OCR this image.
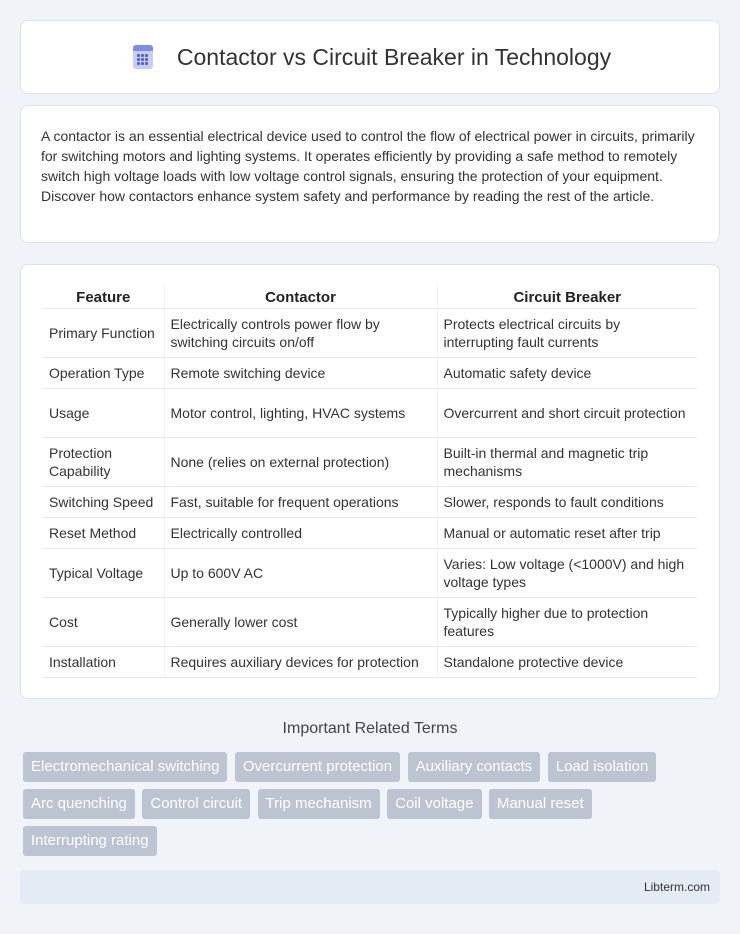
Contactor vs Circuit Breaker in Technology

A contactor is an essential electrical device used to control the flow of electrical power in circuits, primarily for switching motors and lighting systems. It operates efficiently by providing a safe method to remotely switch high voltage loads with low voltage control signals, ensuring the protection of your equipment. Discover how contactors enhance system safety and performance by reading the rest of the article.

Feature	Contactor	Circuit Breaker
Primary Function	Electrically controls power flow by switching circuits on/off	Protects electrical circuits by interrupting fault currents
Operation Type	Remote switching device	Automatic safety device
Usage	Motor control, lighting, HVAC systems	Overcurrent and short circuit protection
Protection Capability	None (relies on external protection)	Built-in thermal and magnetic trip mechanisms
Switching Speed	Fast, suitable for frequent operations	Slower, responds to fault conditions
Reset Method	Electrically controlled	Manual or automatic reset after trip
Typical Voltage	Up to 600V AC	Varies: Low voltage (<1000V) and high voltage types
Cost	Generally lower cost	Typically higher due to protection features
Installation	Requires auxiliary devices for protection	Standalone protective device
Important Related Terms
Electromechanical switching Overcurrent protection Auxiliary contacts Load isolation Arc quenching Control circuit Trip mechanism Coil voltage Manual reset Interrupting rating
Libterm.com
